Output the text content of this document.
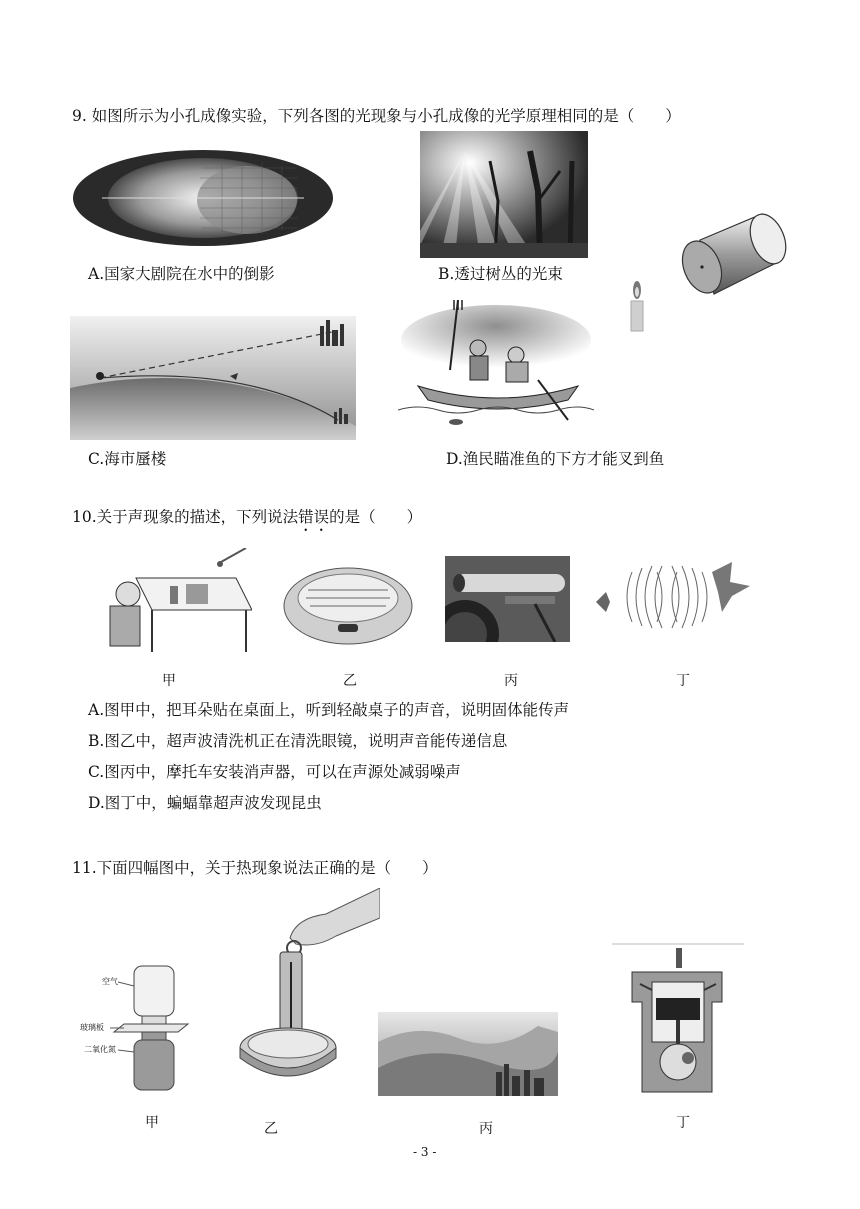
9. 如图所示为小孔成像实验，下列各图的光现象与小孔成像的光学原理相同的是（　　）
A.国家大剧院在水中的倒影	B.透过树丛的光束
C.海市蜃楼	D.渔民瞄准鱼的下方才能叉到鱼
10.关于声现象的描述，下列说法错误的是（　　）
甲	乙	丙	丁
A.图甲中，把耳朵贴在桌面上，听到轻敲桌子的声音，说明固体能传声
B.图乙中，超声波清洗机正在清洗眼镜，说明声音能传递信息
C.图丙中，摩托车安装消声器，可以在声源处减弱噪声
D.图丁中，蝙蝠靠超声波发现昆虫
11.下面四幅图中，关于热现象说法正确的是（　　）
空气
玻璃板
二氧化氮
甲	乙	丙	丁
- 3 -
